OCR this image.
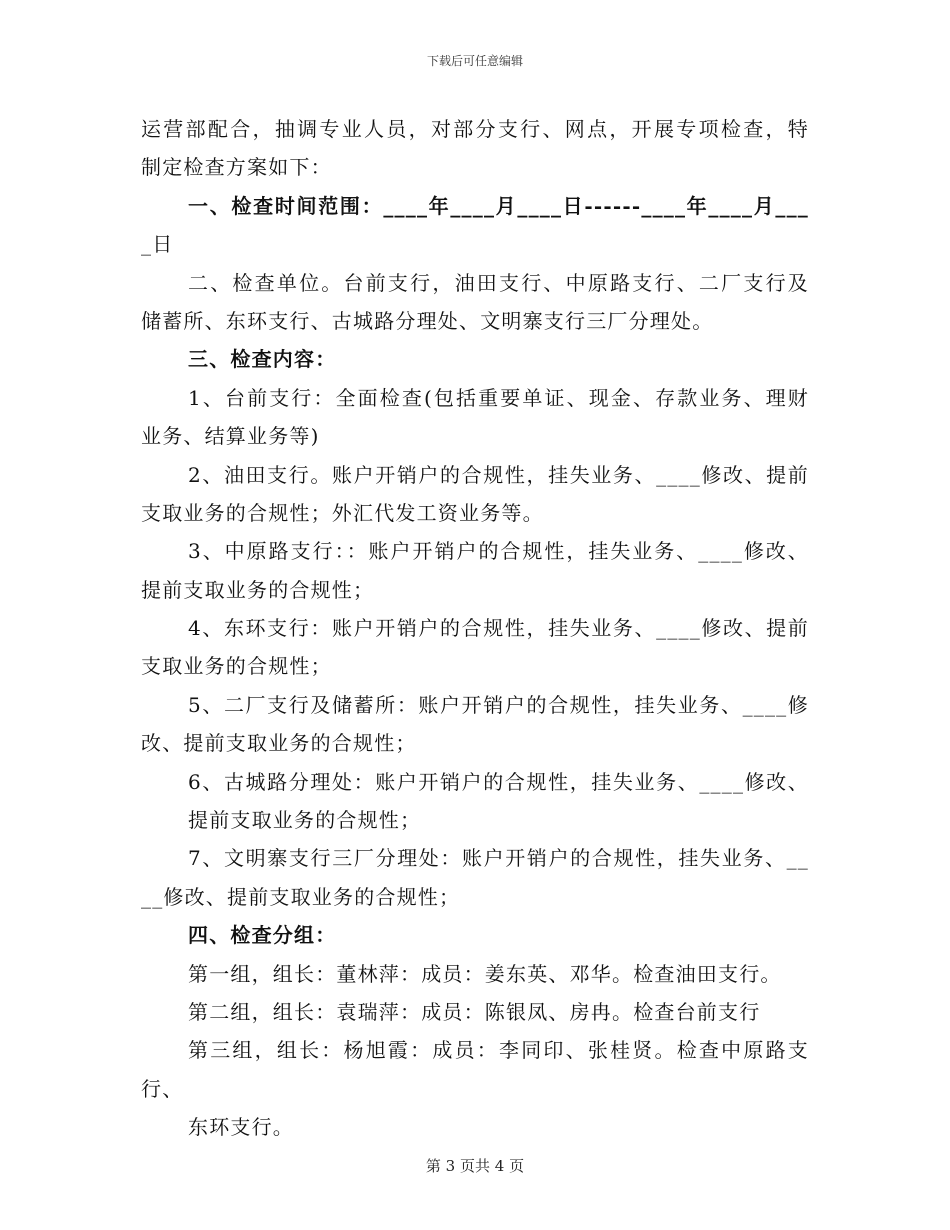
下载后可任意编辑
运营部配合，抽调专业人员，对部分支行、网点，开展专项检查，特
制定检查方案如下：
一、检查时间范围：____年____月____日------____年____月___
_日
二、检查单位。台前支行，油田支行、中原路支行、二厂支行及
储蓄所、东环支行、古城路分理处、文明寨支行三厂分理处。
三、检查内容：
1、台前支行：全面检查(包括重要单证、现金、存款业务、理财
业务、结算业务等)
2、油田支行。账户开销户的合规性，挂失业务、____修改、提前
支取业务的合规性；外汇代发工资业务等。
3、中原路支行：：账户开销户的合规性，挂失业务、____修改、
提前支取业务的合规性；
4、东环支行：账户开销户的合规性，挂失业务、____修改、提前
支取业务的合规性；
5、二厂支行及储蓄所：账户开销户的合规性，挂失业务、____修
改、提前支取业务的合规性；
6、古城路分理处：账户开销户的合规性，挂失业务、____修改、
提前支取业务的合规性；
7、文明寨支行三厂分理处：账户开销户的合规性，挂失业务、__
__修改、提前支取业务的合规性；
四、检查分组：
第一组，组长：董林萍：成员：姜东英、邓华。检查油田支行。
第二组，组长：袁瑞萍：成员：陈银凤、房冉。检查台前支行
第三组，组长：杨旭霞：成员：李同印、张桂贤。检查中原路支
行、
东环支行。
第 3 页共 4 页
